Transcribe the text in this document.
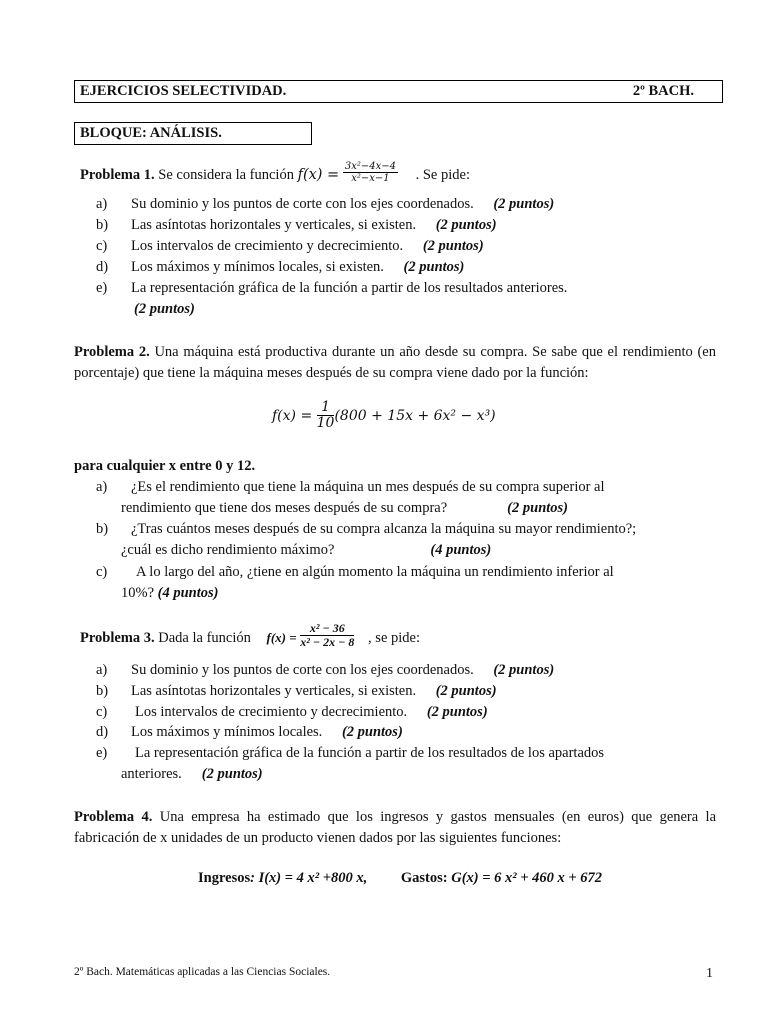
EJERCICIOS SELECTIVIDAD.	2º BACH.
BLOQUE: ANÁLISIS.
Problema 1. Se considera la función $f(x) = \frac{\text{3x²−4x−4}}{\text{x²−x−1}}$ . Se pide:
a) Su dominio y los puntos de corte con los ejes coordenados. (2 puntos)
b) Las asíntotas horizontales y verticales, si existen. (2 puntos)
c) Los intervalos de crecimiento y decrecimiento. (2 puntos)
d) Los máximos y mínimos locales, si existen. (2 puntos)
e) La representación gráfica de la función a partir de los resultados anteriores.
(2 puntos)
Problema 2. Una máquina está productiva durante un año desde su compra. Se sabe que el rendimiento (en porcentaje) que tiene la máquina meses después de su compra viene dado por la función:
$f(x) = \frac{1}{10} (800 + 15x + 6x^2 - x^3)$
para cualquier x entre 0 y 12.
a) ¿Es el rendimiento que tiene la máquina un mes después de su compra superior al
rendimiento que tiene dos meses después de su compra?	(2 puntos)
b) ¿Tras cuántos meses después de su compra alcanza la máquina su mayor rendimiento?;
¿cuál es dicho rendimiento máximo?	(4 puntos)
c) A lo largo del año, ¿tiene en algún momento la máquina un rendimiento inferior al
10%? (4 puntos)
Problema 3. Dada la función $f(x) = \frac{\text{x² − 36}}{\text{x² − 2x − 8}}$ , se pide:
a) Su dominio y los puntos de corte con los ejes coordenados. (2 puntos)
b) Las asíntotas horizontales y verticales, si existen. (2 puntos)
c) Los intervalos de crecimiento y decrecimiento. (2 puntos)
d) Los máximos y mínimos locales. (2 puntos)
e) La representación gráfica de la función a partir de los resultados de los apartados
anteriores. (2 puntos)
Problema 4. Una empresa ha estimado que los ingresos y gastos mensuales (en euros) que genera la fabricación de x unidades de un producto vienen dados por las siguientes funciones:
Ingresos: I(x) = 4 x² +800 x, Gastos: G(x) = 6 x² + 460 x + 672
2º Bach. Matemáticas aplicadas a las Ciencias Sociales.	1
